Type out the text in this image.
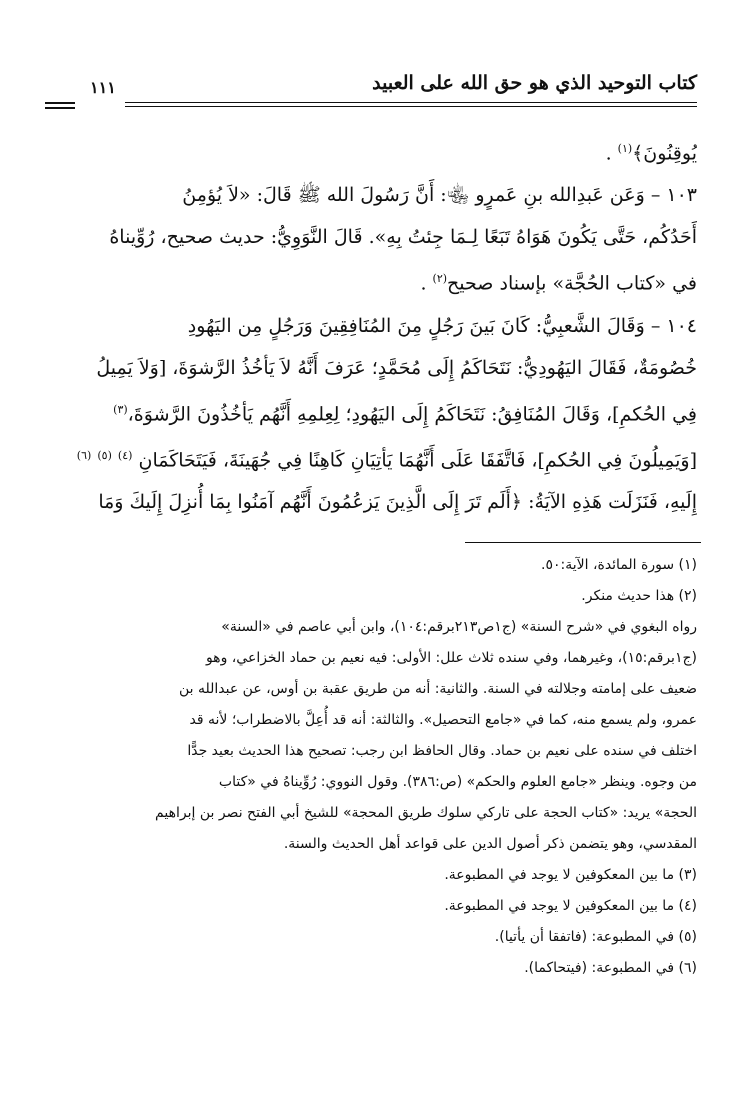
كتاب التوحيد الذي هو حق الله على العبيد
١١١
يُوقِنُونَ﴾$^{(١)}$ .
١٠٣ – وَعَن عَبدِالله بنِ عَمرٍو ﵄: أَنَّ رَسُولَ الله ﷺ قَالَ: «لاَ يُؤمِنُ
أَحَدُكُم، حَتَّى يَكُونَ هَوَاهُ تَبَعًا لِـمَا جِئتُ بِهِ». قَالَ النَّوَوِيُّ: حديث صحيح، رُوِّيناهُ
في «كتاب الحُجَّة» بإسناد صحيح$^{(٢)}$ .
١٠٤ – وَقَالَ الشَّعبِيُّ: كَانَ بَينَ رَجُلٍ مِنَ المُنَافِقِينَ وَرَجُلٍ مِن اليَهُودِ
خُصُومَةٌ، فَقَالَ اليَهُودِيُّ: نَتَحَاكَمُ إِلَى مُحَمَّدٍ؛ عَرَفَ أَنَّهُ لاَ يَأخُذُ الرَّشوَةَ، [وَلاَ يَمِيلُ
فِي الحُكمِ]، وَقَالَ المُنَافِقُ: نَتَحَاكَمُ إِلَى اليَهُودِ؛ لِعِلمِهِ أَنَّهُم يَأخُذُونَ الرَّشوَةَ،$^{(٣)}$
[وَيَمِيلُونَ فِي الحُكمِ]، فَاتَّفَقَا عَلَى أَنَّهُمَا يَأتِيَانِ كَاهِنًا فِي جُهَينَةَ، فَيَتَحَاكَمَانِ $^{(٤)}$ $^{(٥)}$ $^{(٦)}$
إِلَيهِ، فَنَزَلَت هَذِهِ الآيَةُ: ﴿أَلَم تَرَ إِلَى الَّذِينَ يَزعُمُونَ أَنَّهُم آمَنُوا بِمَا أُنزِلَ إِلَيكَ وَمَا
(١) سورة المائدة، الآية:٥٠.
(٢) هذا حديث منكر.
رواه البغوي في «شرح السنة» (ج١ص٢١٣برقم:١٠٤)، وابن أبي عاصم في «السنة»
(ج١برقم:١٥)، وغيرهما، وفي سنده ثلاث علل: الأولى: فيه نعيم بن حماد الخزاعي، وهو
ضعيف على إمامته وجلالته في السنة. والثانية: أنه من طريق عقبة بن أوس، عن عبدالله بن
عمرو، ولم يسمع منه، كما في «جامع التحصيل». والثالثة: أنه قد أُعِلَّ بالاضطراب؛ لأنه قد
اختلف في سنده على نعيم بن حماد. وقال الحافظ ابن رجب: تصحيح هذا الحديث بعيد جدًّا
من وجوه. وينظر «جامع العلوم والحكم» (ص:٣٨٦). وقول النووي: رُوِّيناهُ في «كتاب
الحجة» يريد: «كتاب الحجة على تاركي سلوك طريق المحجة» للشيخ أبي الفتح نصر بن إبراهيم
المقدسي، وهو يتضمن ذكر أصول الدين على قواعد أهل الحديث والسنة.
(٣) ما بين المعكوفين لا يوجد في المطبوعة.
(٤) ما بين المعكوفين لا يوجد في المطبوعة.
(٥) في المطبوعة: (فاتفقا أن يأتيا).
(٦) في المطبوعة: (فيتحاكما).
